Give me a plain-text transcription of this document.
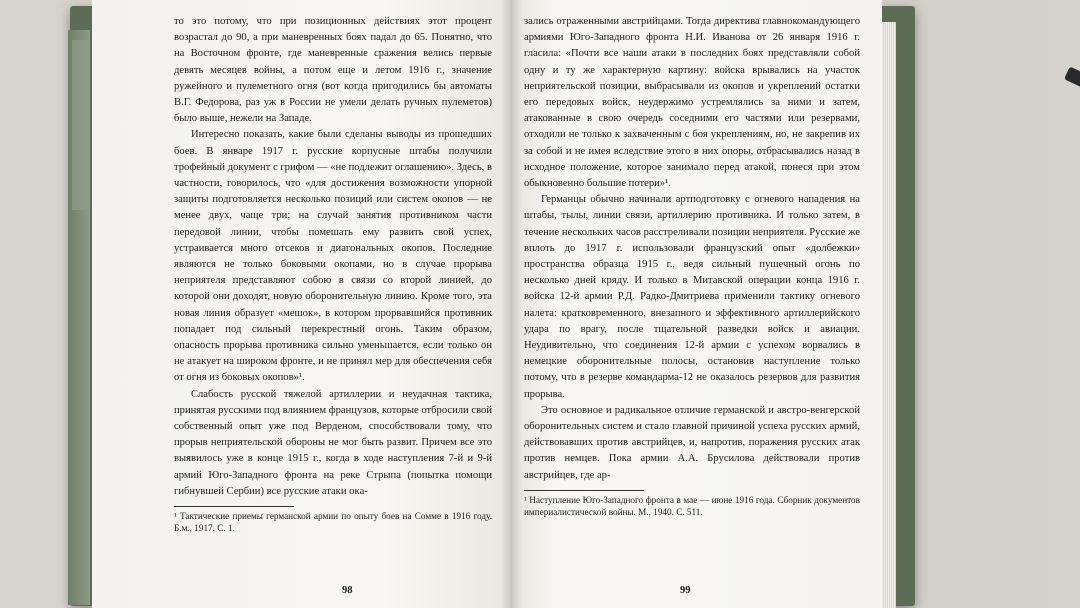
то это потому, что при позиционных действиях этот процент возрастал до 90, а при маневренных боях падал до 65. Понятно, что на Восточном фронте, где маневренные сражения велись первые девять месяцев войны, а потом еще и летом 1916 г., значение ружейного и пулеметного огня (вот когда пригодились бы автоматы В.Г. Федорова, раз уж в России не умели делать ручных пулеметов) было выше, нежели на Западе.

Интересно показать, какие были сделаны выводы из прошедших боев. В январе 1917 г. русские корпусные штабы получили трофейный документ с грифом — «не подлежит оглашению». Здесь, в частности, говорилось, что «для достижения возможности упорной защиты подготовляется несколько позиций или систем окопов — не менее двух, чаще три; на случай занятия противником части передовой линии, чтобы помешать ему развить свой успех, устраивается много отсеков и диагональных окопов. Последние являются не только боковыми окопами, но в случае прорыва неприятеля представляют собою в связи со второй линией, до которой они доходят, новую оборонительную линию. Кроме того, эта новая линия образует «мешок», в котором прорвавшийся противник попадает под сильный перекрестный огонь. Таким образом, опасность прорыва противника сильно уменьшается, если только он не атакует на широком фронте, и не принял мер для обеспечения себя от огня из боковых окопов»¹.

Слабость русской тяжелой артиллерии и неудачная тактика, принятая русскими под влиянием французов, которые отбросили свой собственный опыт уже под Верденом, способствовали тому, что прорыв неприятельской обороны не мог быть развит. Причем все это выявилось уже в конце 1915 г., когда в ходе наступления 7-й и 9-й армий Юго-Западного фронта на реке Стрыпа (попытка помощи гибнувшей Сербии) все русские атаки окa-

¹ Тактические приемы германской армии по опыту боев на Сомме в 1916 году. Б.м., 1917. С. 1.
98

зались отраженными австрийцами. Тогда директива главнокомандующего армиями Юго-Западного фронта Н.И. Иванова от 26 января 1916 г. гласила: «Почти все наши атаки в последних боях представляли собой одну и ту же характерную картину: войска врывались на участок неприятельской позиции, выбрасывали из окопов и укреплений остатки его передовых войск, неудержимо устремлялись за ними и затем, атакованные в свою очередь соседними его частями или резервами, отходили не только к захваченным с боя укреплениям, но, не закрепив их за собой и не имея вследствие этого в них опоры, отбрасывались назад в исходное положение, которое занимало перед атакой, понеся при этом обыкновенно большие потери»¹.

Германцы обычно начинали артподготовку с огневого нападения на штабы, тылы, линии связи, артиллерию противника. И только затем, в течение нескольких часов расстреливали позиции неприятеля. Русские же вплоть до 1917 г. использовали французский опыт «долбежки» пространства образца 1915 г., ведя сильный пушечный огонь по несколько дней кряду. И только в Митавской операции конца 1916 г. войска 12-й армии Р.Д. Радко-Дмитриева применили тактику огневого налета: кратковременного, внезапного и эффективного артиллерийского удара по врагу, после тщательной разведки войск и авиации. Неудивительно, что соединения 12-й армии с успехом ворвались в немецкие оборонительные полосы, остановив наступление только потому, что в резерве командарма-12 не оказалось резервов для развития прорыва.

Это основное и радикальное отличие германской и австро-венгерской оборонительных систем и стало главной причиной успеха русских армий, действовавших против австрийцев, и, напротив, поражения русских атак против немцев. Пока армии А.А. Брусилова действовали против австрийцев, где ар-

¹ Наступление Юго-Западного фронта в мае — июне 1916 года. Сборник документов империалистической войны. М., 1940. С. 511.
99
